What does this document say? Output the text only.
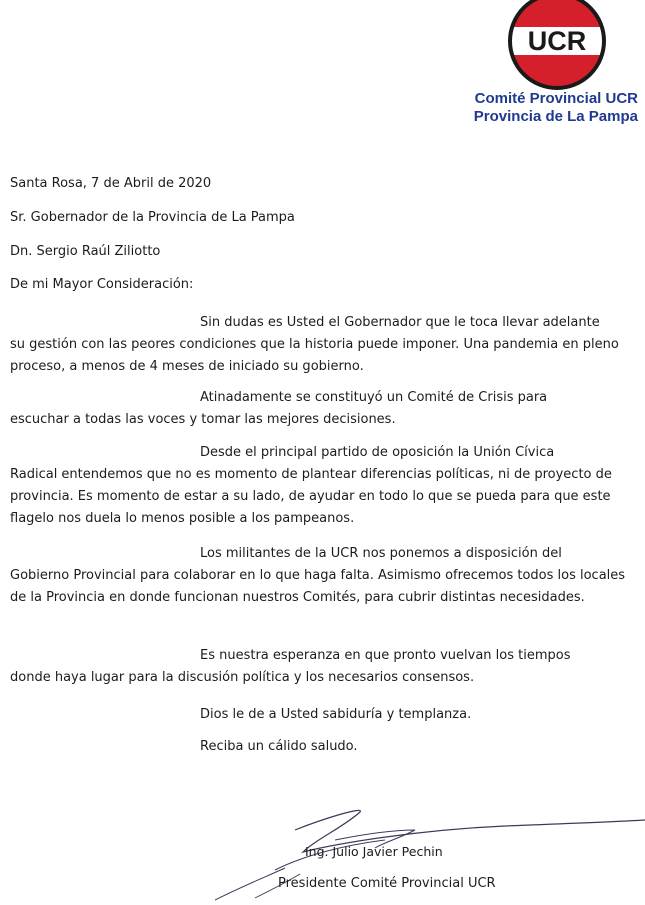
UCR
Comité Provincial UCR
Provincia de La Pampa
Santa Rosa, 7 de Abril de 2020
Sr. Gobernador de la Provincia de La Pampa
Dn. Sergio Raúl Ziliotto
De mi Mayor Consideración:
Sin dudas es Usted el Gobernador que le toca llevar adelante
su gestión con las peores condiciones que la historia puede imponer. Una pandemia en pleno proceso, a menos de 4 meses de iniciado su gobierno.
Atinadamente se constituyó un Comité de Crisis para
escuchar a todas las voces y tomar las mejores decisiones.
Desde el principal partido de oposición la Unión Cívica
Radical entendemos que no es momento de plantear diferencias políticas, ni de proyecto de provincia. Es momento de estar a su lado, de ayudar en todo lo que se pueda para que este flagelo nos duela lo menos posible a los pampeanos.
Los militantes de la UCR nos ponemos a disposición del
Gobierno Provincial para colaborar en lo que haga falta. Asimismo ofrecemos todos los locales de la Provincia en donde funcionan nuestros Comités, para cubrir distintas necesidades.
Es nuestra esperanza en que pronto vuelvan los tiempos
donde haya lugar para la discusión política y los necesarios consensos.
Dios le de a Usted sabiduría y templanza.
Reciba un cálido saludo.
Ing. Julio Javier Pechin
Presidente Comité Provincial UCR
